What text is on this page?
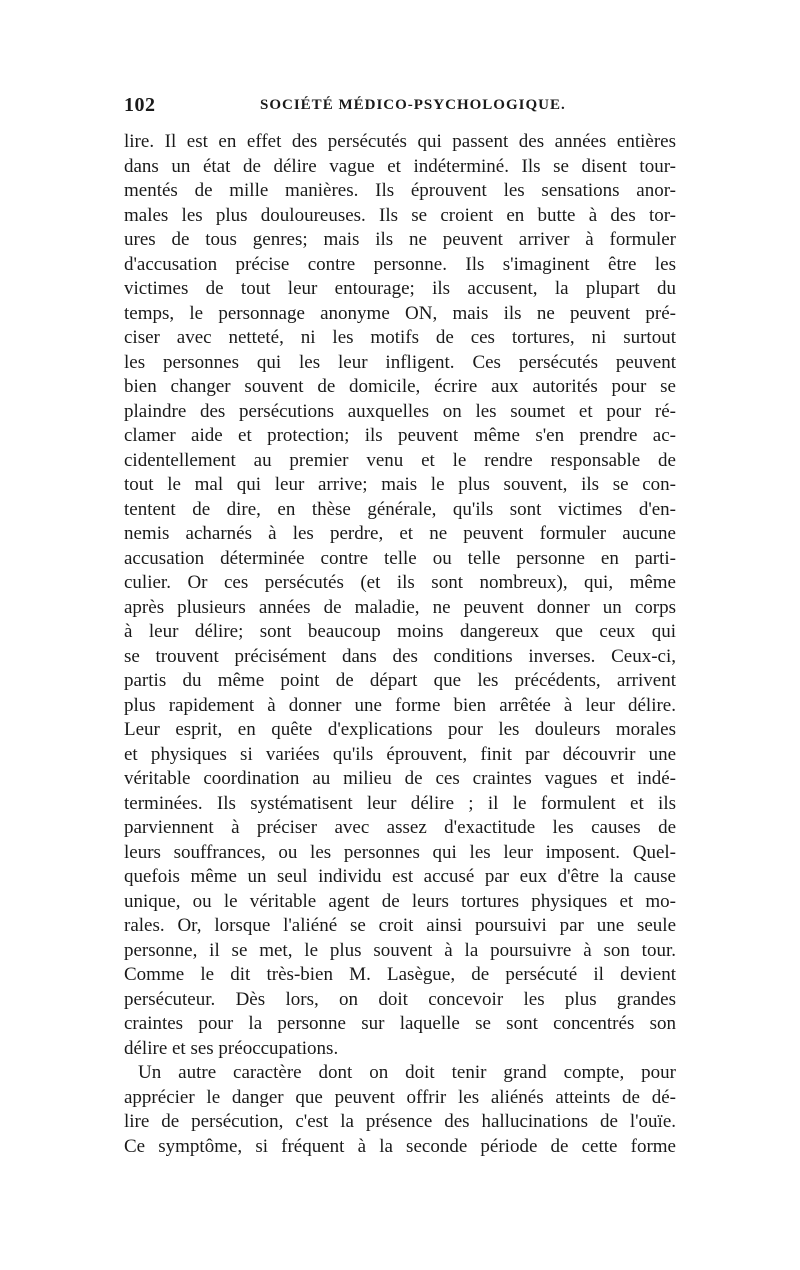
102	SOCIÉTÉ MÉDICO-PSYCHOLOGIQUE.
lire. Il est en effet des persécutés qui passent des années entières
dans un état de délire vague et indéterminé. Ils se disent tour-
mentés de mille manières. Ils éprouvent les sensations anor-
males les plus douloureuses. Ils se croient en butte à des tor-
ures de tous genres; mais ils ne peuvent arriver à formuler
d'accusation précise contre personne. Ils s'imaginent être les
victimes de tout leur entourage; ils accusent, la plupart du
temps, le personnage anonyme ON, mais ils ne peuvent pré-
ciser avec netteté, ni les motifs de ces tortures, ni surtout
les personnes qui les leur infligent. Ces persécutés peuvent
bien changer souvent de domicile, écrire aux autorités pour se
plaindre des persécutions auxquelles on les soumet et pour ré-
clamer aide et protection; ils peuvent même s'en prendre ac-
cidentellement au premier venu et le rendre responsable de
tout le mal qui leur arrive; mais le plus souvent, ils se con-
tentent de dire, en thèse générale, qu'ils sont victimes d'en-
nemis acharnés à les perdre, et ne peuvent formuler aucune
accusation déterminée contre telle ou telle personne en parti-
culier. Or ces persécutés (et ils sont nombreux), qui, même
après plusieurs années de maladie, ne peuvent donner un corps
à leur délire; sont beaucoup moins dangereux que ceux qui
se trouvent précisément dans des conditions inverses. Ceux-ci,
partis du même point de départ que les précédents, arrivent
plus rapidement à donner une forme bien arrêtée à leur délire.
Leur esprit, en quête d'explications pour les douleurs morales
et physiques si variées qu'ils éprouvent, finit par découvrir une
véritable coordination au milieu de ces craintes vagues et indé-
terminées. Ils systématisent leur délire ; il le formulent et ils
parviennent à préciser avec assez d'exactitude les causes de
leurs souffrances, ou les personnes qui les leur imposent. Quel-
quefois même un seul individu est accusé par eux d'être la cause
unique, ou le véritable agent de leurs tortures physiques et mo-
rales. Or, lorsque l'aliéné se croit ainsi poursuivi par une seule
personne, il se met, le plus souvent à la poursuivre à son tour.
Comme le dit très-bien M. Lasègue, de persécuté il devient
persécuteur. Dès lors, on doit concevoir les plus grandes
craintes pour la personne sur laquelle se sont concentrés son
délire et ses préoccupations.
Un autre caractère dont on doit tenir grand compte, pour
apprécier le danger que peuvent offrir les aliénés atteints de dé-
lire de persécution, c'est la présence des hallucinations de l'ouïe.
Ce symptôme, si fréquent à la seconde période de cette forme
